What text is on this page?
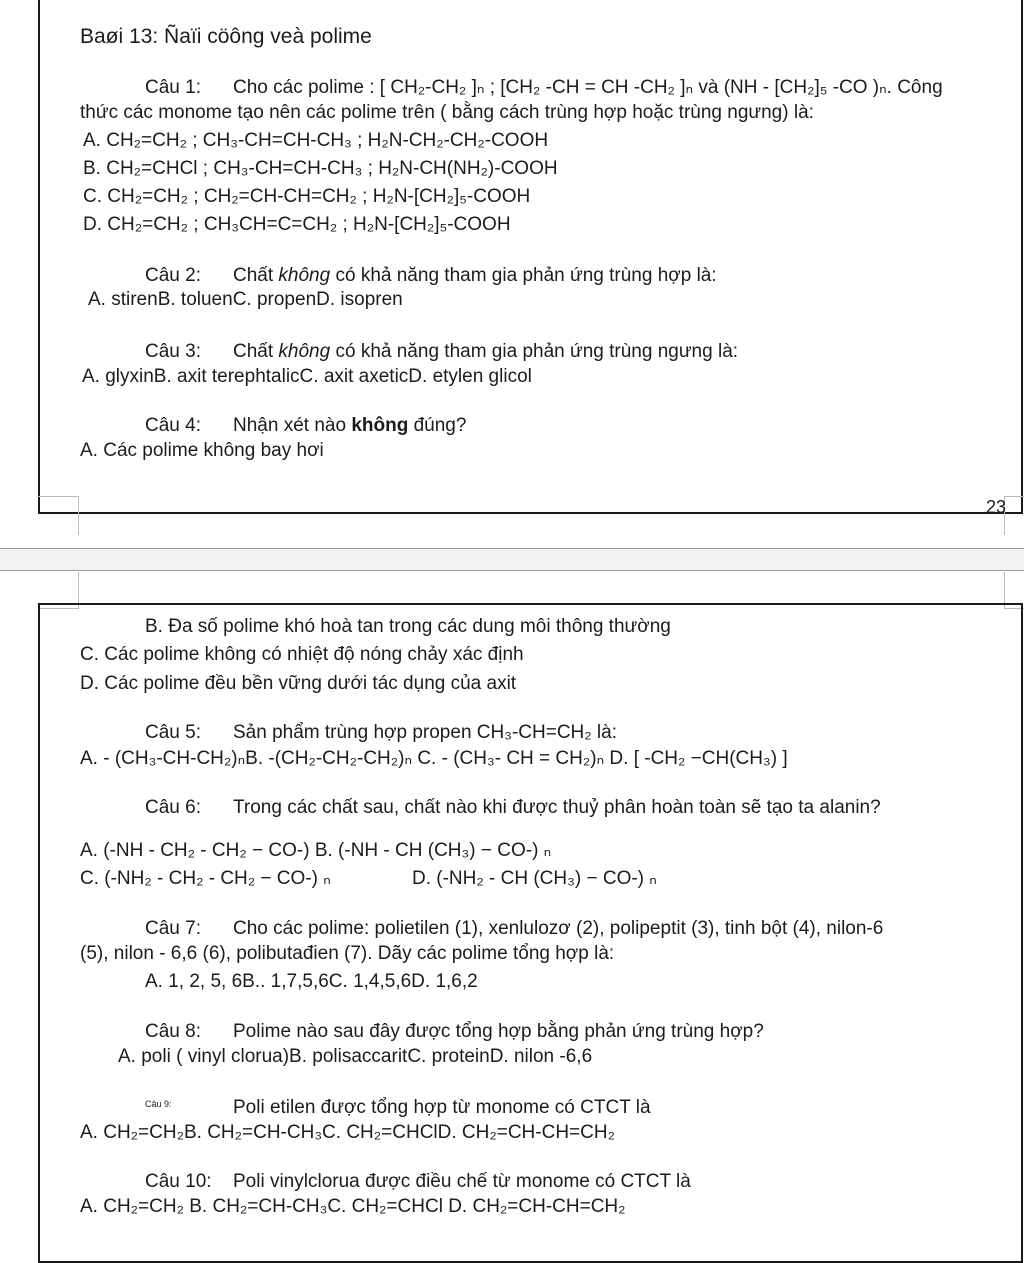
23
Baøi 13: Ñaïi cöông veà polime
Câu 1: Cho các polime : [ CH₂-CH₂ ]ₙ ; [CH₂ -CH = CH -CH₂ ]ₙ và (NH - [CH₂]₅ -CO )ₙ. Công
thức các monome tạo nên các polime trên ( bằng cách trùng hợp hoặc trùng ngưng) là:
A. CH₂=CH₂ ; CH₃-CH=CH-CH₃ ; H₂N-CH₂-CH₂-COOH
B. CH₂=CHCl ; CH₃-CH=CH-CH₃ ; H₂N-CH(NH₂)-COOH
C. CH₂=CH₂ ; CH₂=CH-CH=CH₂ ; H₂N-[CH₂]₅-COOH
D. CH₂=CH₂ ; CH₃CH=C=CH₂ ; H₂N-[CH₂]₅-COOH
Câu 2: Chất không có khả năng tham gia phản ứng trùng hợp là:
A. stirenB. toluenC. propenD. isopren
Câu 3: Chất không có khả năng tham gia phản ứng trùng ngưng là:
A. glyxinB. axit terephtalicC. axit axeticD. etylen glicol
Câu 4: Nhận xét nào không đúng?
A. Các polime không bay hơi
B. Đa số polime khó hoà tan trong các dung môi thông thường
C. Các polime không có nhiệt độ nóng chảy xác định
D. Các polime đều bền vững dưới tác dụng của axit
Câu 5: Sản phẩm trùng hợp propen CH₃-CH=CH₂ là:
A. - (CH₃-CH-CH₂)ₙB. -(CH₂-CH₂-CH₂)ₙ C. - (CH₃- CH = CH₂)ₙ D. [ -CH₂ −CH(CH₃) ]
Câu 6: Trong các chất sau, chất nào khi được thuỷ phân hoàn toàn sẽ tạo ta alanin?
A. (-NH - CH₂ - CH₂ − CO-) B. (-NH - CH (CH₃) − CO-) ₙ
C. (-NH₂ - CH₂ - CH₂ − CO-) ₙ	D. (-NH₂ - CH (CH₃) − CO-) ₙ
Câu 7: Cho các polime: polietilen (1), xenlulozơ (2), polipeptit (3), tinh bột (4), nilon-6
(5), nilon - 6,6 (6), polibutađien (7). Dãy các polime tổng hợp là:
A. 1, 2, 5, 6B.. 1,7,5,6C. 1,4,5,6D. 1,6,2
Câu 8: Polime nào sau đây được tổng hợp bằng phản ứng trùng hợp?
A. poli ( vinyl clorua)B. polisaccaritC. proteinD. nilon -6,6
Câu 9:	Poli etilen được tổng hợp từ monome có CTCT là
A. CH₂=CH₂B. CH₂=CH-CH₃C. CH₂=CHClD. CH₂=CH-CH=CH₂
Câu 10: Poli vinylclorua được điều chế từ monome có CTCT là
A. CH₂=CH₂ B. CH₂=CH-CH₃C. CH₂=CHCl D. CH₂=CH-CH=CH₂
